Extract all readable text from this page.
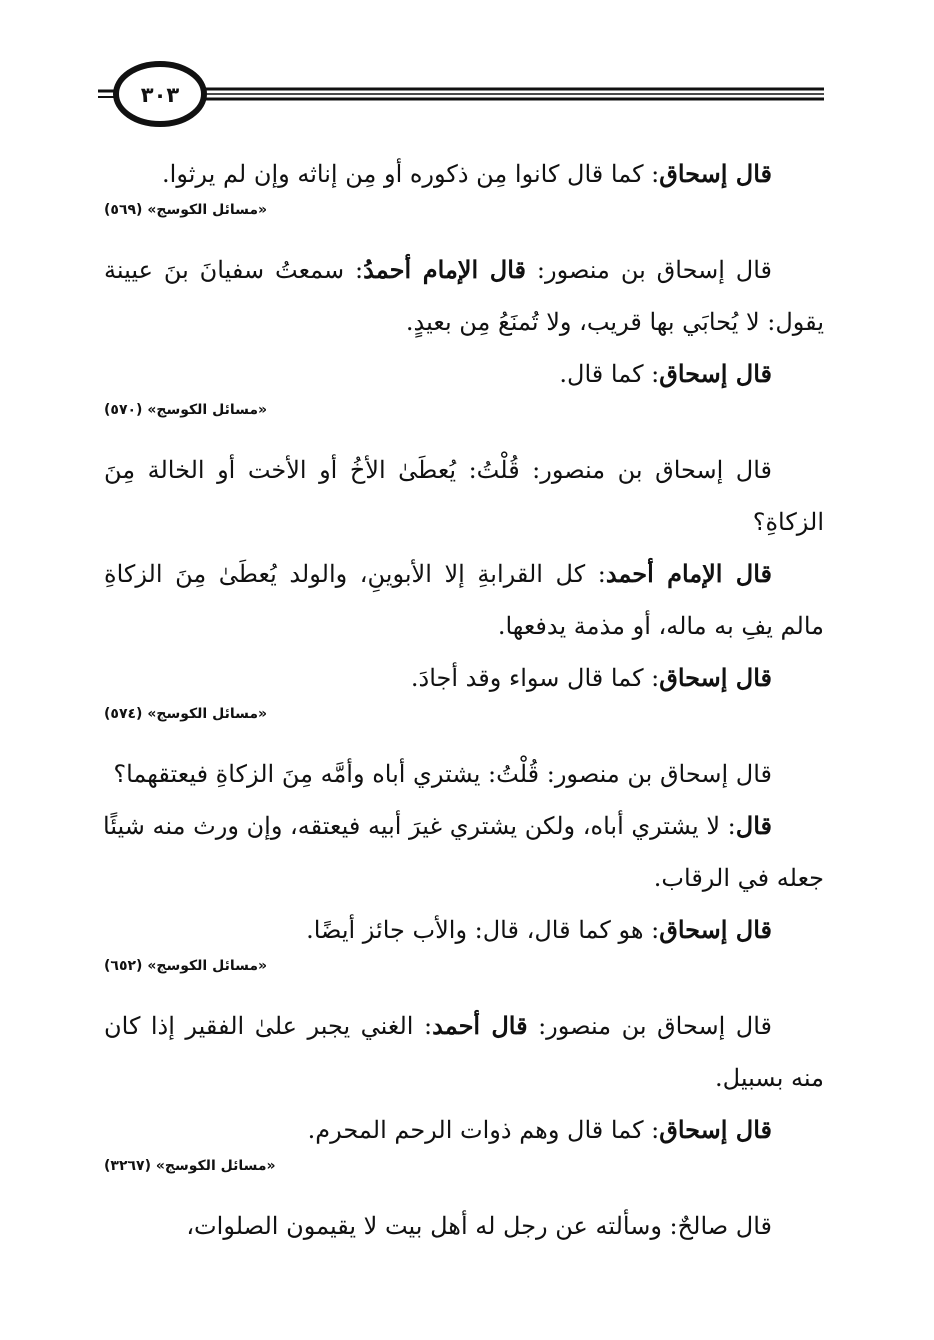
٣٠٣
قال إسحاق: كما قال كانوا مِن ذكوره أو مِن إناثه وإن لم يرثوا.
«مسائل الكوسج» (٥٦٩)
قال إسحاق بن منصور: قال الإمام أحمدُ: سمعتُ سفيانَ بنَ عيينة
يقول: لا يُحابَي بها قريب، ولا تُمنَعُ مِن بعيدٍ.
قال إسحاق: كما قال.
«مسائل الكوسج» (٥٧٠)
قال إسحاق بن منصور: قُلْتُ: يُعطَىٰ الأخُ أو الأخت أو الخالة مِنَ
الزكاةِ؟
قال الإمام أحمد: كل القرابةِ إلا الأبوينِ، والولد يُعطَىٰ مِنَ الزكاةِ
مالم يفِ به ماله، أو مذمة يدفعها.
قال إسحاق: كما قال سواء وقد أجادَ.
«مسائل الكوسج» (٥٧٤)
قال إسحاق بن منصور: قُلْتُ: يشتري أباه وأمَّه مِنَ الزكاةِ فيعتقهما؟
قال: لا يشتري أباه، ولكن يشتري غيرَ أبيه فيعتقه، وإن ورث منه شيئًا
جعله في الرقاب.
قال إسحاق: هو كما قال، قال: والأب جائز أيضًا.
«مسائل الكوسج» (٦٥٢)
قال إسحاق بن منصور: قال أحمد: الغني يجبر علىٰ الفقير إذا كان
منه بسبيل.
قال إسحاق: كما قال وهم ذوات الرحم المحرم.
«مسائل الكوسج» (٣٢٦٧)
قال صالحٌ: وسألته عن رجل له أهل بيت لا يقيمون الصلوات،
